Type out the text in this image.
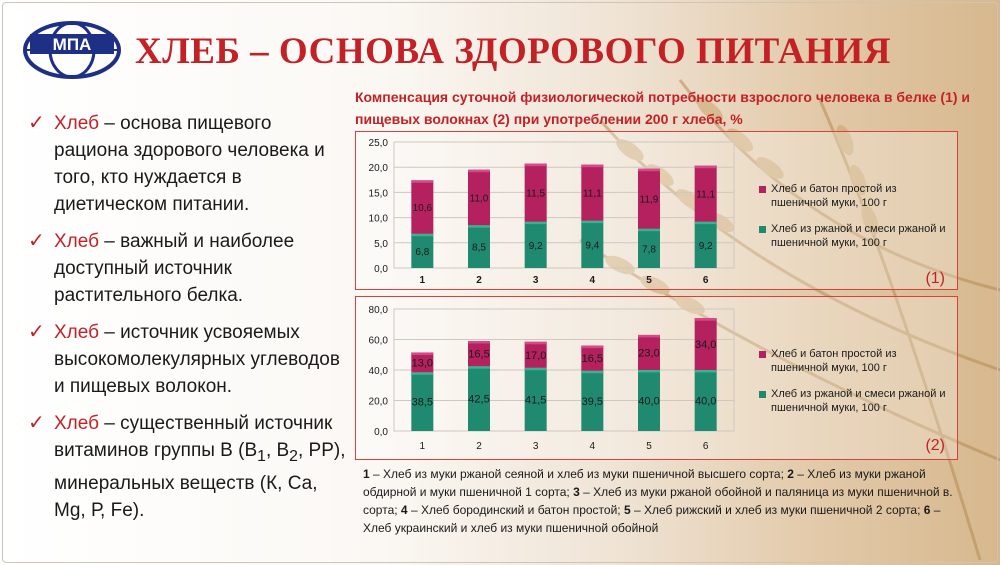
МПА ХЛЕБ – ОСНОВА ЗДОРОВОГО ПИТАНИЯ
✓ Хлеб – основа пищевого рациона здорового человека и того, кто нуждается в диетическом питании.
✓ Хлеб – важный и наиболее доступный источник растительного белка.
✓ Хлеб – источник усвояемых высокомолекулярных углеводов и пищевых волокон.
✓ Хлеб – существенный источник витаминов группы В ($В_1$, $В_2$, РР), минеральных веществ (К, Са, Mg, Р, Fe).
Компенсация суточной физиологической потребности взрослого человека в белке (1) и пищевых волокнах (2) при употреблении 200 г хлеба, %
0,0
5,0
10,0
15,0
20,0
25,0
6,8
10,6
1
8,5
11,0
2
9,2
11,5
3
9,4
11,1
4
7,8
11,9
5
9,2
11,1
6
Хлеб и батон простой из пшеничной муки, 100 г
Хлеб из ржаной и смеси ржаной и пшеничной муки, 100 г
(1)
0,0
20,0
40,0
60,0
80,0
38,5
13,0
1
42,5
16,5
2
41,5
17,0
3
39,5
16,5
4
40,0
23,0
5
40,0
34,0
6
Хлеб и батон простой из пшеничной муки, 100 г
Хлеб из ржаной и смеси ржаной и пшеничной муки, 100 г
(2)
1 – Хлеб из муки ржаной сеяной и хлеб из муки пшеничной высшего сорта; 2 – Хлеб из муки ржаной обдирной и муки пшеничной 1 сорта; 3 – Хлеб из муки ржаной обойной и паляница из муки пшеничной в. сорта; 4 – Хлеб бородинский и батон простой; 5 – Хлеб рижский и хлеб из муки пшеничной 2 сорта; 6 – Хлеб украинский и хлеб из муки пшеничной обойной
